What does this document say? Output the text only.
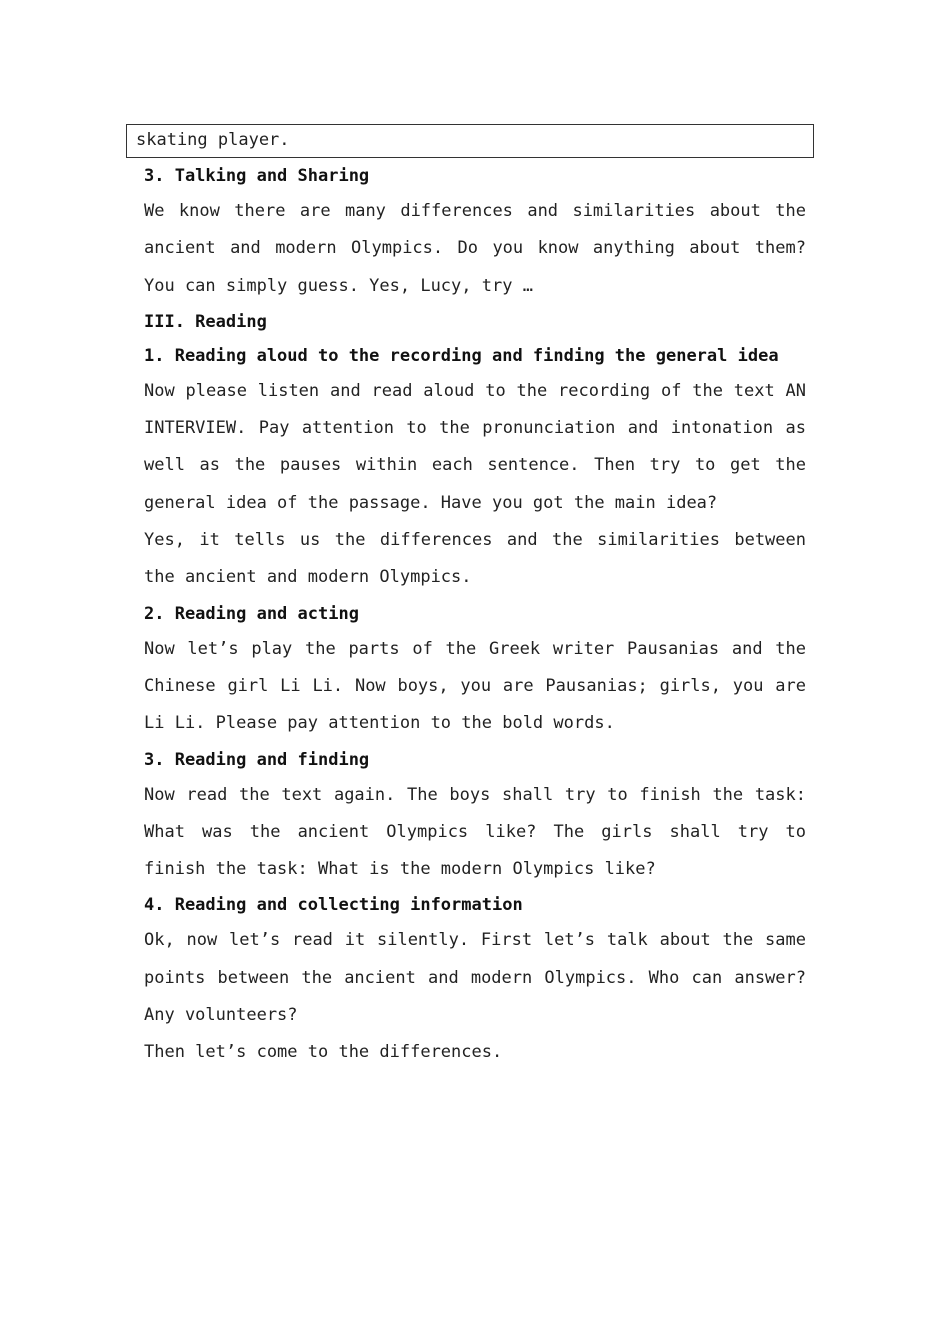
skating player.
3. Talking and Sharing

We know there are many differences and similarities about the ancient and modern Olympics. Do you know anything about them? You can simply guess. Yes, Lucy, try …

III. Reading
1. Reading aloud to the recording and finding the general idea

Now please listen and read aloud to the recording of the text AN INTERVIEW. Pay attention to the pronunciation and intonation as well as the pauses within each sentence. Then try to get the general idea of the passage. Have you got the main idea?

Yes, it tells us the differences and the similarities between the ancient and modern Olympics.

2. Reading and acting

Now let’s play the parts of the Greek writer Pausanias and the Chinese girl Li Li. Now boys, you are Pausanias; girls, you are Li Li. Please pay attention to the bold words.

3. Reading and finding

Now read the text again. The boys shall try to finish the task: What was the ancient Olympics like? The girls shall try to finish the task: What is the modern Olympics like?

4. Reading and collecting information

Ok, now let’s read it silently. First let’s talk about the same points between the ancient and modern Olympics. Who can answer? Any volunteers?

Then let’s come to the differences.
